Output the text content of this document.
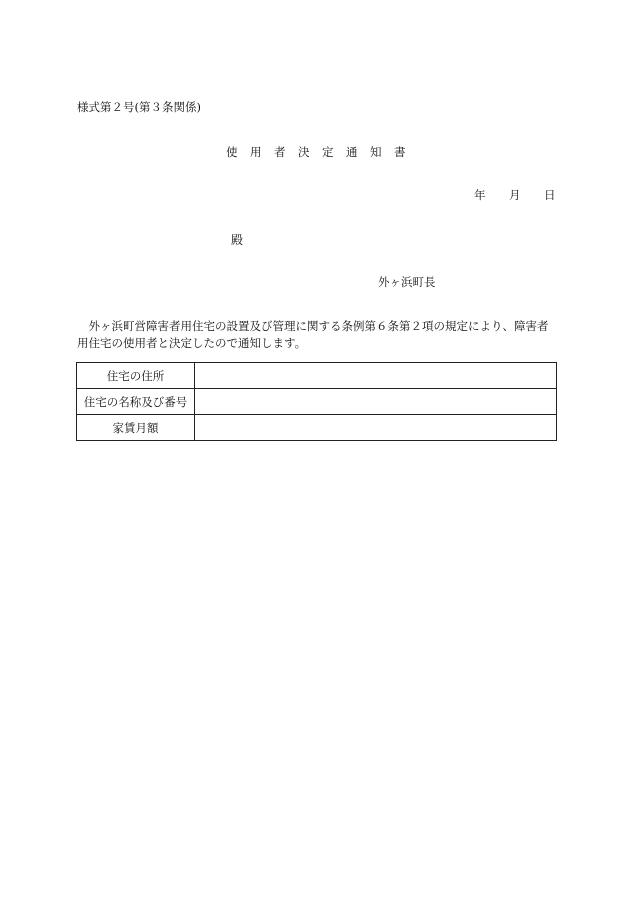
様式第２号(第３条関係)
使 用 者 決 定 通 知 書
年 月 日
殿
外ヶ浜町長
　外ヶ浜町営障害者用住宅の設置及び管理に関する条例第６条第２項の規定により、障害者用住宅の使用者と決定したので通知します。
住宅の住所	
住宅の名称及び番号	
家賃月額	
